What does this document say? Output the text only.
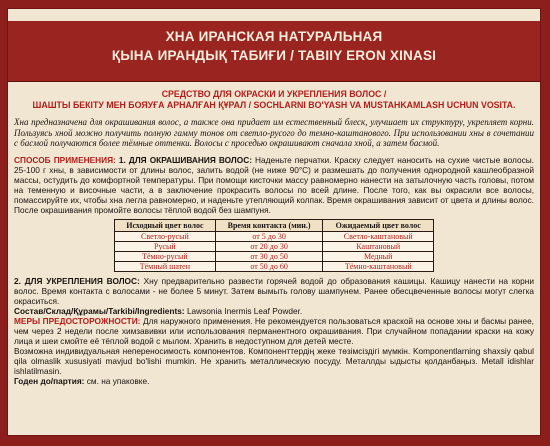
ХНА ИРАНСКАЯ НАТУРАЛЬНАЯ
ҚЫНА ИРАНДЫҚ ТАБИҒИ / TABIIY ERON XINASI
СРЕДСТВО ДЛЯ ОКРАСКИ И УКРЕПЛЕНИЯ ВОЛОС /
ШАШТЫ БЕКІТУ МЕН БОЯУҒА АРНАЛҒАН ҚҰРАЛ / SOCHLARNI BO'YASH VA MUSTAHKAMLASH UCHUN VOSITA.
Хна предназначена для окрашивания волос, а также она придает им естественный блеск, улучшает их структуру, укрепляет корни. Пользуясь хной можно получить полную гамму тонов от светло-русого до темно-каштанового. При использовании хны в сочетании с басмой получаются более тёмные оттенки. Волосы с проседью окрашивают сначала хной, а затем басмой.

СПОСОБ ПРИМЕНЕНИЯ: 1. ДЛЯ ОКРАШИВАНИЯ ВОЛОС: Наденьте перчатки. Краску следует наносить на сухие чистые волосы. 25-100 г хны, в зависимости от длины волос, залить водой (не ниже 90°С) и размешать до получения однородной кашлеобразной массы, остудить до комфортной температуры. При помощи кисточки массу равномерно нанести на затылочную часть головы, потом на теменную и височные части, а в заключение прокрасить волосы по всей длине. После того, как вы окрасили все волосы, помассируйте их, чтобы хна легла равномерно, и наденьте утепляющий колпак. Время окрашивания зависит от цвета и длины волос. После окрашивания промойте волосы тёплой водой без шампуня.

Исходный цвет волос	Время контакта (мин.)	Ожидаемый цвет волос
Светло-русый	от 5 до 30	Светло-каштановый
Русый	от 20 до 30	Каштановый
Тёмно-русый	от 30 до 50	Медный
Тёмный шатен	от 50 до 60	Тёмно-каштановый

2. ДЛЯ УКРЕПЛЕНИЯ ВОЛОС: Хну предварительно развести горячей водой до образования кашицы. Кашицу нанести на корни волос. Время контакта с волосами - не более 5 минут. Затем вымыть голову шампунем. Ранее обесцвеченные волосы могут слегка окраситься.

Состав/Склад/Құрамы/Tarkibi/Ingredients: Lawsonia Inermis Leaf Powder.

МЕРЫ ПРЕДОСТОРОЖНОСТИ: Для наружного применения. Не рекомендуется пользоваться краской на основе хны и басмы ранее, чем через 2 недели после химзавивки или использования перманентного окрашивания. При случайном попадании краски на кожу лица и шеи смойте её тёплой водой с мылом. Хранить в недоступном для детей месте.

Возможна индивидуальная непереносимость компонентов. Компоненттердің жеке төзімсіздігі мүмкін. Komponentlarning shaxsiy qabul qila olmaslik xususiyati mavjud bo'lishi mumkin. Не хранить металлическую посуду. Металлды ыдысты қолданбаңыз. Metall idishlar ishlatilmasin.

Годен до/партия: см. на упаковке.
